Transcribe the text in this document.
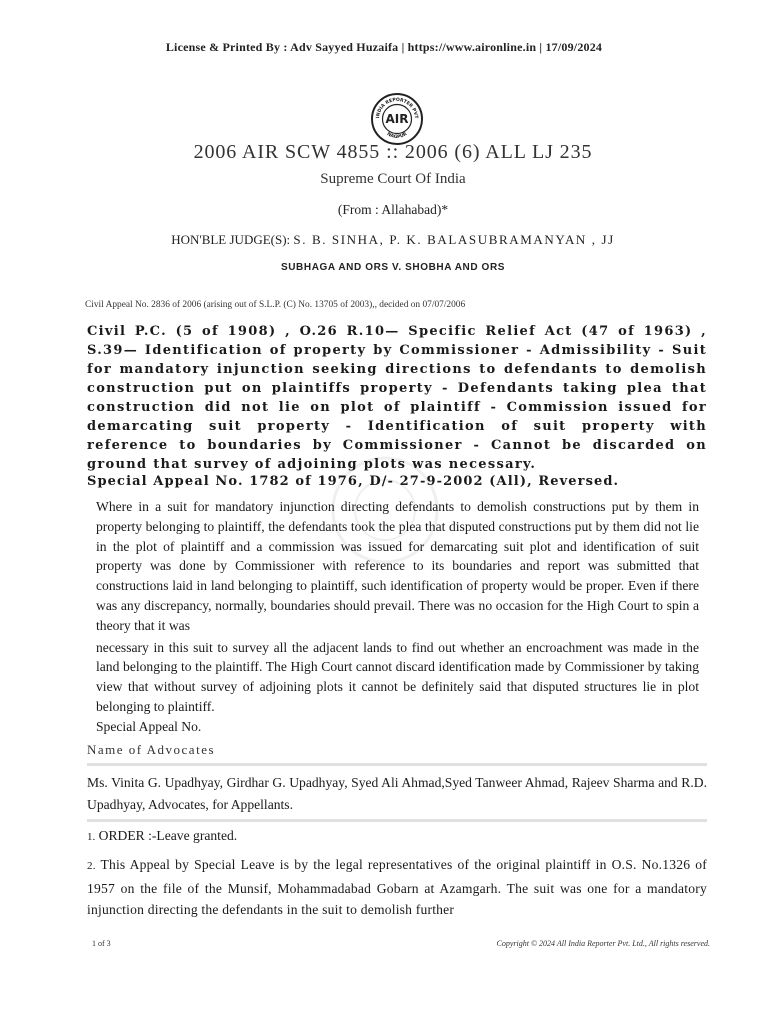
License & Printed By : Adv Sayyed Huzaifa | https://www.aironline.in | 17/09/2024
INDIA REPORTER PVT
NAGPUR
AIR
2006 AIR SCW 4855 :: 2006 (6) ALL LJ 235
Supreme Court Of India
(From : Allahabad)*
HON'BLE JUDGE(S): S. B. SINHA, P. K. BALASUBRAMANYAN , JJ
SUBHAGA AND ORS V. SHOBHA AND ORS
Civil Appeal No. 2836 of 2006 (arising out of S.L.P. (C) No. 13705 of 2003),, decided on 07/07/2006
Civil P.C. (5 of 1908) , O.26 R.10— Specific Relief Act (47 of 1963) , S.39— Identification of property by Commissioner - Admissibility - Suit for mandatory injunction seeking directions to defendants to demolish construction put on plaintiffs property - Defendants taking plea that construction did not lie on plot of plaintiff - Commission issued for demarcating suit property - Identification of suit property with reference to boundaries by Commissioner - Cannot be discarded on ground that survey of adjoining plots was necessary.
Special Appeal No. 1782 of 1976, D/- 27-9-2002 (All), Reversed.

Where in a suit for mandatory injunction directing defendants to demolish constructions put by them in property belonging to plaintiff, the defendants took the plea that disputed constructions put by them did not lie in the plot of plaintiff and a commission was issued for demarcating suit plot and identification of suit property was done by Commissioner with reference to its boundaries and report was submitted that constructions laid in land belonging to plaintiff, such identification of property would be proper. Even if there was any discrepancy, normally, boundaries should prevail. There was no occasion for the High Court to spin a theory that it was

necessary in this suit to survey all the adjacent lands to find out whether an encroachment was made in the land belonging to the plaintiff. The High Court cannot discard identification made by Commissioner by taking view that without survey of adjoining plots it cannot be definitely said that disputed structures lie in plot belonging to plaintiff.

Special Appeal No.

Name of Advocates
Ms. Vinita G. Upadhyay, Girdhar G. Upadhyay, Syed Ali Ahmad,Syed Tanweer Ahmad, Rajeev Sharma and R.D. Upadhyay, Advocates, for Appellants.
1. ORDER :-Leave granted.
2. This Appeal by Special Leave is by the legal representatives of the original plaintiff in O.S. No.1326 of 1957 on the file of the Munsif, Mohammadabad Gobarn at Azamgarh. The suit was one for a mandatory injunction directing the defendants in the suit to demolish further
1 of 3	Copyright © 2024 All India Reporter Pvt. Ltd., All rights reserved.
